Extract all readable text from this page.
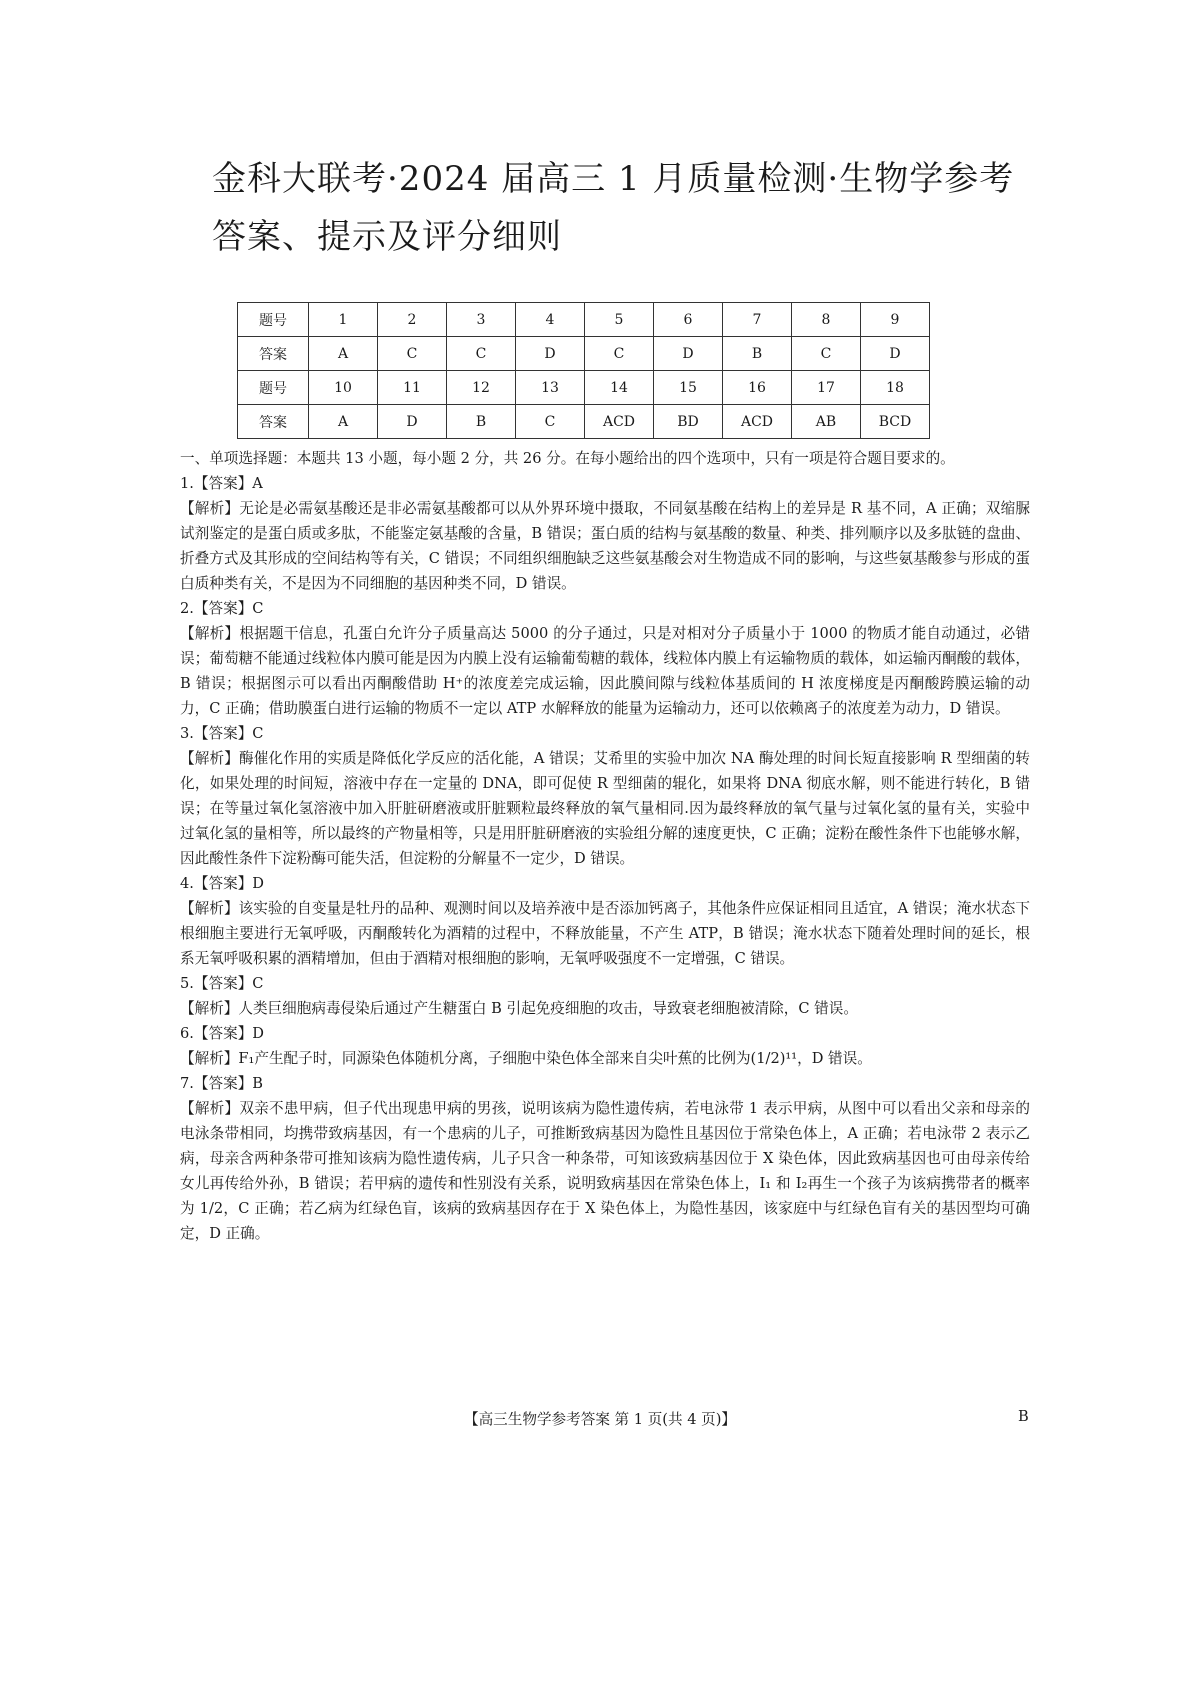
金科大联考·2024 届高三 1 月质量检测·生物学参考
答案、提示及评分细则
题号	1	2	3	4	5	6	7	8	9
答案	A	C	C	D	C	D	B	C	D
题号	10	11	12	13	14	15	16	17	18
答案	A	D	B	C	ACD	BD	ACD	AB	BCD

一、单项选择题：本题共 13 小题，每小题 2 分，共 26 分。在每小题给出的四个选项中，只有一项是符合题目要求的。

1.【答案】A

【解析】无论是必需氨基酸还是非必需氨基酸都可以从外界环境中摄取，不同氨基酸在结构上的差异是 R 基不同，A 正确；双缩脲试剂鉴定的是蛋白质或多肽，不能鉴定氨基酸的含量，B 错误；蛋白质的结构与氨基酸的数量、种类、排列顺序以及多肽链的盘曲、折叠方式及其形成的空间结构等有关，C 错误；不同组织细胞缺乏这些氨基酸会对生物造成不同的影响，与这些氨基酸参与形成的蛋白质种类有关，不是因为不同细胞的基因种类不同，D 错误。

2.【答案】C

【解析】根据题干信息，孔蛋白允许分子质量高达 5000 的分子通过，只是对相对分子质量小于 1000 的物质才能自动通过，必错误；葡萄糖不能通过线粒体内膜可能是因为内膜上没有运输葡萄糖的载体，线粒体内膜上有运输物质的载体，如运输丙酮酸的载体，B 错误；根据图示可以看出丙酮酸借助 H⁺的浓度差完成运输，因此膜间隙与线粒体基质间的 H 浓度梯度是丙酮酸跨膜运输的动力，C 正确；借助膜蛋白进行运输的物质不一定以 ATP 水解释放的能量为运输动力，还可以依赖离子的浓度差为动力，D 错误。

3.【答案】C

【解析】酶催化作用的实质是降低化学反应的活化能，A 错误；艾希里的实验中加次 NA 酶处理的时间长短直接影响 R 型细菌的转化，如果处理的时间短，溶液中存在一定量的 DNA，即可促使 R 型细菌的辊化，如果将 DNA 彻底水解，则不能进行转化，B 错误；在等量过氧化氢溶液中加入肝脏研磨液或肝脏颗粒最终释放的氧气量相同.因为最终释放的氧气量与过氧化氢的量有关，实验中过氧化氢的量相等，所以最终的产物量相等，只是用肝脏研磨液的实验组分解的速度更快，C 正确；淀粉在酸性条件下也能够水解，因此酸性条件下淀粉酶可能失活，但淀粉的分解量不一定少，D 错误。

4.【答案】D

【解析】该实验的自变量是牡丹的品种、观测时间以及培养液中是否添加钙离子，其他条件应保证相同且适宜，A 错误；淹水状态下根细胞主要进行无氧呼吸，丙酮酸转化为酒精的过程中，不释放能量，不产生 ATP，B 错误；淹水状态下随着处理时间的延长，根系无氧呼吸积累的酒精增加，但由于酒精对根细胞的影响，无氧呼吸强度不一定增强，C 错误。

5.【答案】C

【解析】人类巨细胞病毒侵染后通过产生糖蛋白 B 引起免疫细胞的攻击，导致衰老细胞被清除，C 错误。

6.【答案】D

【解析】F₁产生配子时，同源染色体随机分离，子细胞中染色体全部来自尖叶蕉的比例为(1/2)¹¹，D 错误。

7.【答案】B

【解析】双亲不患甲病，但子代出现患甲病的男孩，说明该病为隐性遗传病，若电泳带 1 表示甲病，从图中可以看出父亲和母亲的电泳条带相同，均携带致病基因，有一个患病的儿子，可推断致病基因为隐性且基因位于常染色体上，A 正确；若电泳带 2 表示乙病，母亲含两种条带可推知该病为隐性遗传病，儿子只含一种条带，可知该致病基因位于 X 染色体，因此致病基因也可由母亲传给女儿再传给外孙，B 错误；若甲病的遗传和性别没有关系，说明致病基因在常染色体上，I₁ 和 I₂再生一个孩子为该病携带者的概率为 1/2，C 正确；若乙病为红绿色盲，该病的致病基因存在于 X 染色体上，为隐性基因，该家庭中与红绿色盲有关的基因型均可确定，D 正确。

【高三生物学参考答案 第 1 页(共 4 页)】	B
